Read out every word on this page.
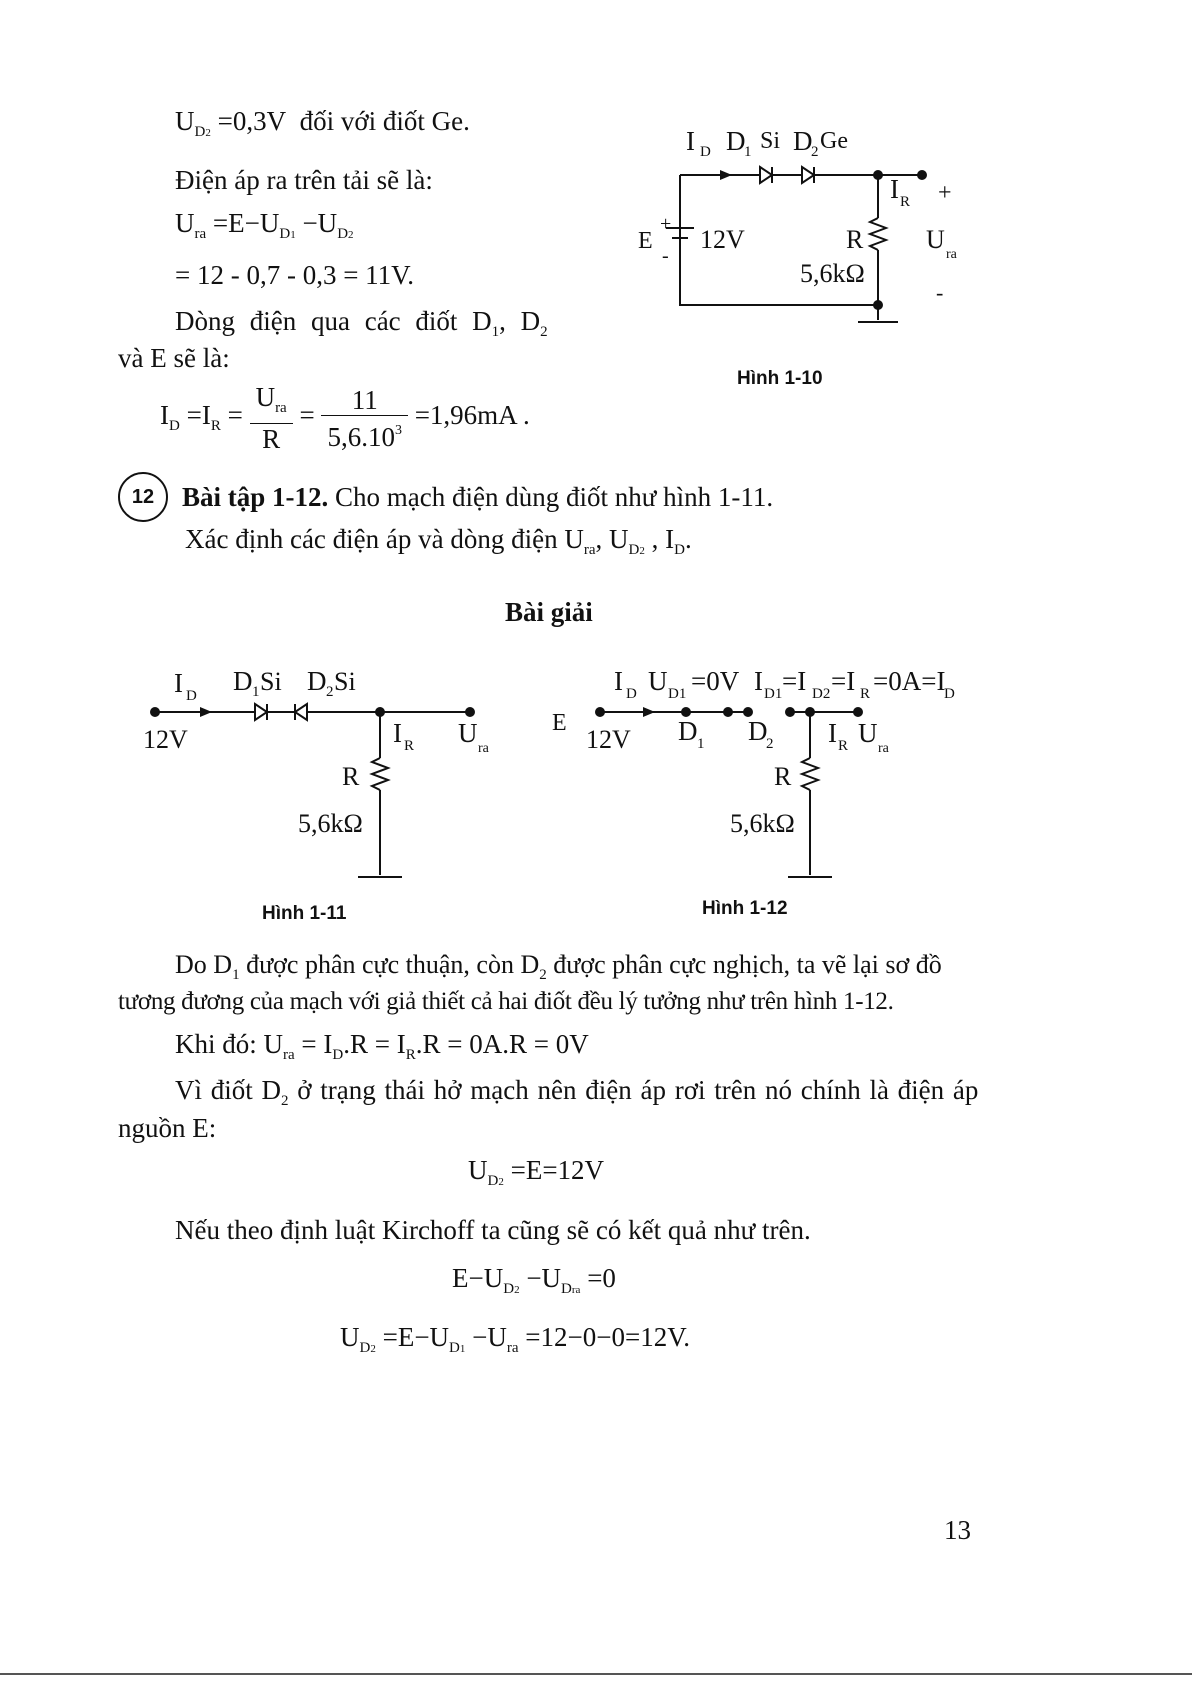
$U_{D2} =0,3V$ đối với điốt Ge.
Điện áp ra trên tải sẽ là:
$U_{ra} =E-U_{D1} -U_{D2}$
= 12 - 0,7 - 0,3 = 11V.
Dòng điện qua các điốt $D_1$, $D_2$
và E sẽ là:
$I_D =I_R = \frac{U_{ra}}{R} = \frac{11}{5,6.10^3} =1,96mA$ .
I D D
1 Si D
2 Ge
I R +
E
+
-
12V	R
5,6kΩ
U
ra
-
Hình 1-10
12	Bài tập 1-12. Cho mạch điện dùng điốt như hình 1-11.
Xác định các điện áp và dòng điện $U_{ra}$, $U_{D2}$ , $I_D$.
Bài giải
I D D 1 Si D 2 Si
12V	I R U
ra
R
5,6kΩ
Hình 1-11
I D U D1 =0V I D1 =I D2 =I R =0A=I
D
E
12V D 1 D
2 I R U
ra
R
5,6kΩ
Hình 1-12
Do $D_1$ được phân cực thuận, còn $D_2$ được phân cực nghịch, ta vẽ lại sơ đồ
tương đương của mạch với giả thiết cả hai điốt đều lý tưởng như trên hình 1-12.
Khi đó: $U_{ra} = I_D.R = I_R.R = 0A.R = 0V$
Vì điốt $D_2$ ở trạng thái hở mạch nên điện áp rơi trên nó chính là điện áp
nguồn E:
$U_{D2} =E=12V$
Nếu theo định luật Kirchoff ta cũng sẽ có kết quả như trên.
$E-U_{D2} -U_{Dra} =0$
$U_{D2} =E-U_{D1} -U_{ra} =12-0-0=12V$.
13
